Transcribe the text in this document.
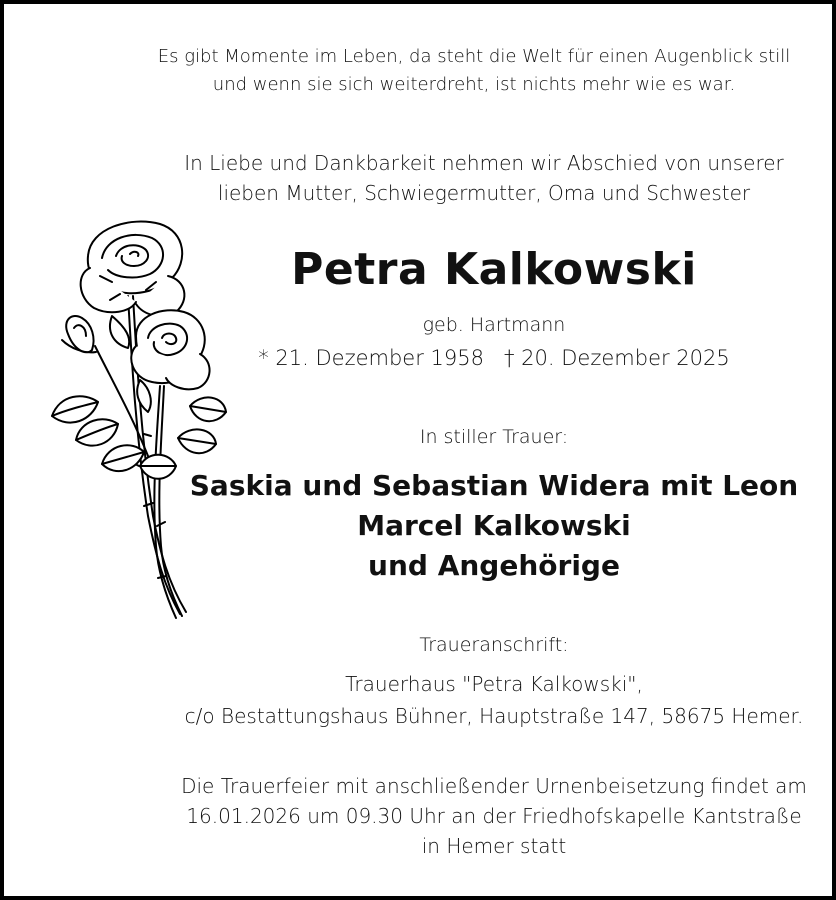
Es gibt Momente im Leben, da steht die Welt für einen Augenblick still
und wenn sie sich weiterdreht, ist nichts mehr wie es war.
In Liebe und Dankbarkeit nehmen wir Abschied von unserer
lieben Mutter, Schwiegermutter, Oma und Schwester
Petra Kalkowski
geb. Hartmann
* 21. Dezember 1958   † 20. Dezember 2025
In stiller Trauer:
Saskia und Sebastian Widera mit Leon
Marcel Kalkowski
und Angehörige
Traueranschrift:
Trauerhaus "Petra Kalkowski",
c/o Bestattungshaus Bühner, Hauptstraße 147, 58675 Hemer.
Die Trauerfeier mit anschließender Urnenbeisetzung findet am
16.01.2026 um 09.30 Uhr an der Friedhofskapelle Kantstraße
in Hemer statt
